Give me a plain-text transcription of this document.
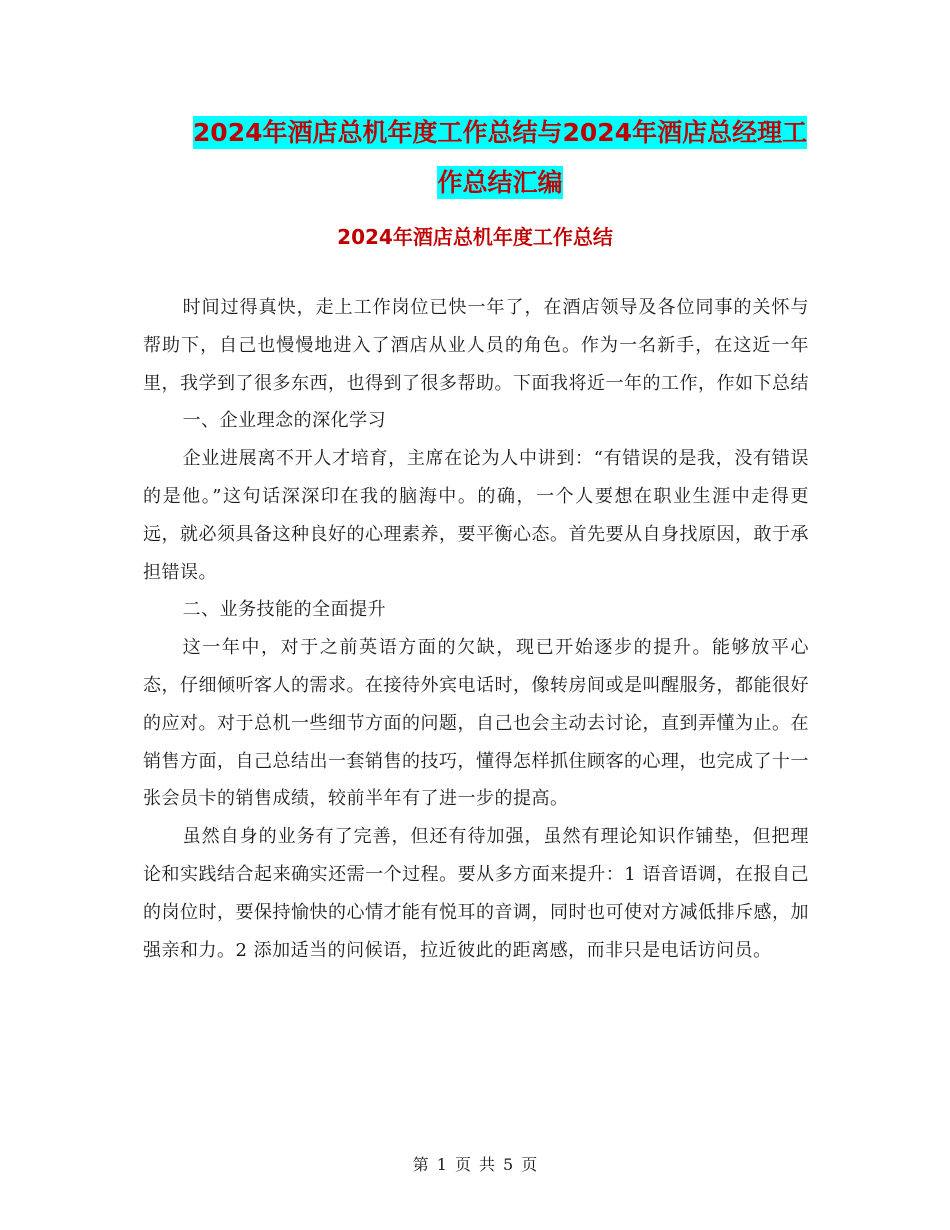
2024年酒店总机年度工作总结与2024年酒店总经理工
作总结汇编
2024年酒店总机年度工作总结

时间过得真快，走上工作岗位已快一年了，在酒店领导及各位同事的关怀与帮助下，自己也慢慢地进入了酒店从业人员的角色。作为一名新手，在这近一年里，我学到了很多东西，也得到了很多帮助。下面我将近一年的工作，作如下总结

一、企业理念的深化学习

企业进展离不开人才培育，主席在论为人中讲到：“有错误的是我，没有错误的是他。”这句话深深印在我的脑海中。的确，一个人要想在职业生涯中走得更远，就必须具备这种良好的心理素养，要平衡心态。首先要从自身找原因，敢于承担错误。

二、业务技能的全面提升

这一年中，对于之前英语方面的欠缺，现已开始逐步的提升。能够放平心态，仔细倾听客人的需求。在接待外宾电话时，像转房间或是叫醒服务，都能很好的应对。对于总机一些细节方面的问题，自己也会主动去讨论，直到弄懂为止。在销售方面，自己总结出一套销售的技巧，懂得怎样抓住顾客的心理，也完成了十一张会员卡的销售成绩，较前半年有了进一步的提高。

虽然自身的业务有了完善，但还有待加强，虽然有理论知识作铺垫，但把理论和实践结合起来确实还需一个过程。要从多方面来提升：1 语音语调，在报自己的岗位时，要保持愉快的心情才能有悦耳的音调，同时也可使对方减低排斥感，加强亲和力。2 添加适当的问候语，拉近彼此的距离感，而非只是电话访问员。

第 1 页 共 5 页
